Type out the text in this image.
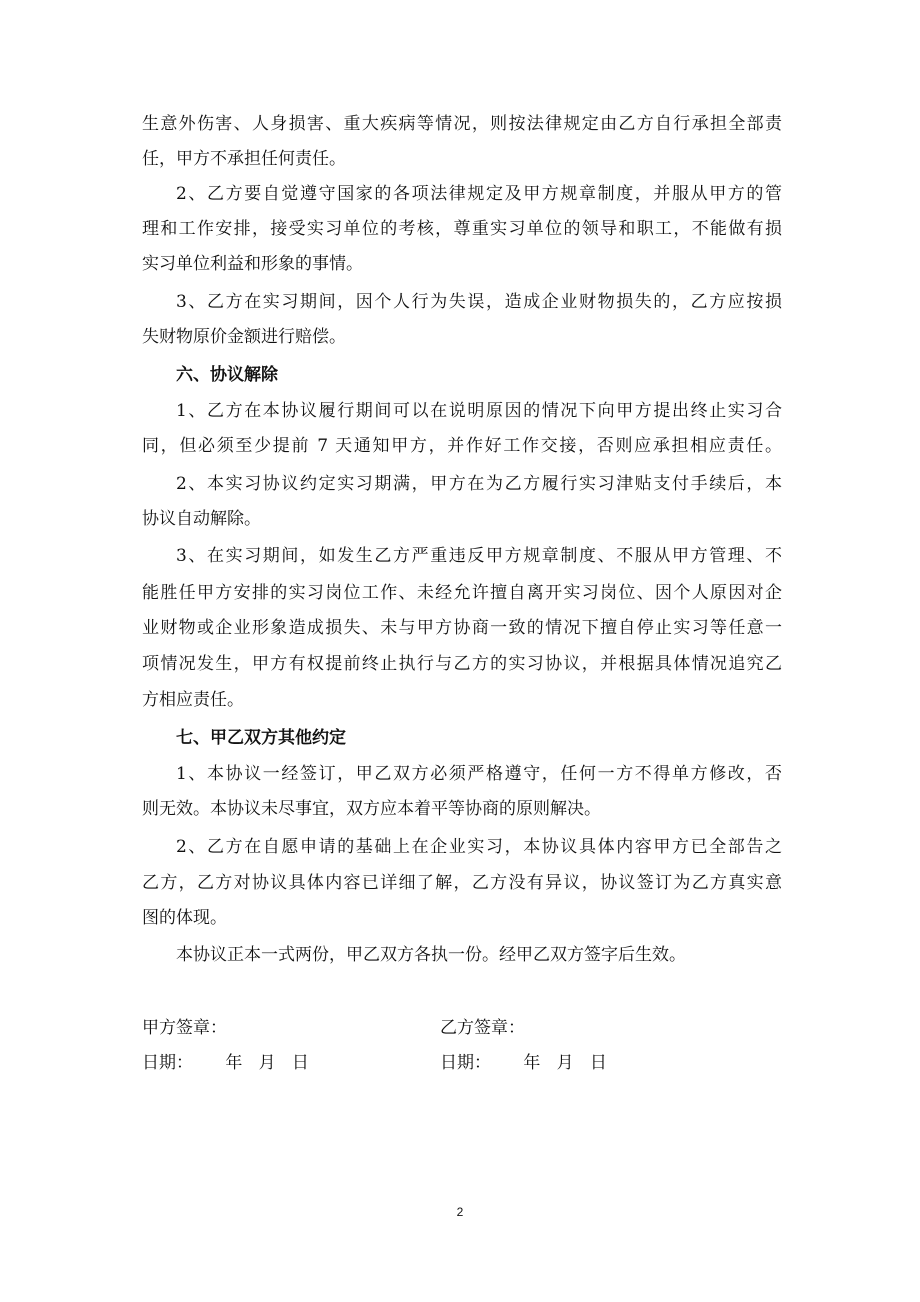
生意外伤害、人身损害、重大疾病等情况，则按法律规定由乙方自行承担全部责
任，甲方不承担任何责任。
2、乙方要自觉遵守国家的各项法律规定及甲方规章制度，并服从甲方的管
理和工作安排，接受实习单位的考核，尊重实习单位的领导和职工，不能做有损
实习单位利益和形象的事情。
3、乙方在实习期间，因个人行为失误，造成企业财物损失的，乙方应按损
失财物原价金额进行赔偿。
六、协议解除
1、乙方在本协议履行期间可以在说明原因的情况下向甲方提出终止实习合
同，但必须至少提前 7 天通知甲方，并作好工作交接，否则应承担相应责任。
2、本实习协议约定实习期满，甲方在为乙方履行实习津贴支付手续后，本
协议自动解除。
3、在实习期间，如发生乙方严重违反甲方规章制度、不服从甲方管理、不
能胜任甲方安排的实习岗位工作、未经允许擅自离开实习岗位、因个人原因对企
业财物或企业形象造成损失、未与甲方协商一致的情况下擅自停止实习等任意一
项情况发生，甲方有权提前终止执行与乙方的实习协议，并根据具体情况追究乙
方相应责任。
七、甲乙双方其他约定
1、本协议一经签订，甲乙双方必须严格遵守，任何一方不得单方修改，否
则无效。本协议未尽事宜，双方应本着平等协商的原则解决。
2、乙方在自愿申请的基础上在企业实习，本协议具体内容甲方已全部告之
乙方，乙方对协议具体内容已详细了解，乙方没有异议，协议签订为乙方真实意
图的体现。
本协议正本一式两份，甲乙双方各执一份。经甲乙双方签字后生效。
甲方签章：	乙方签章：
日期：      年   月   日	日期：      年   月   日
2
